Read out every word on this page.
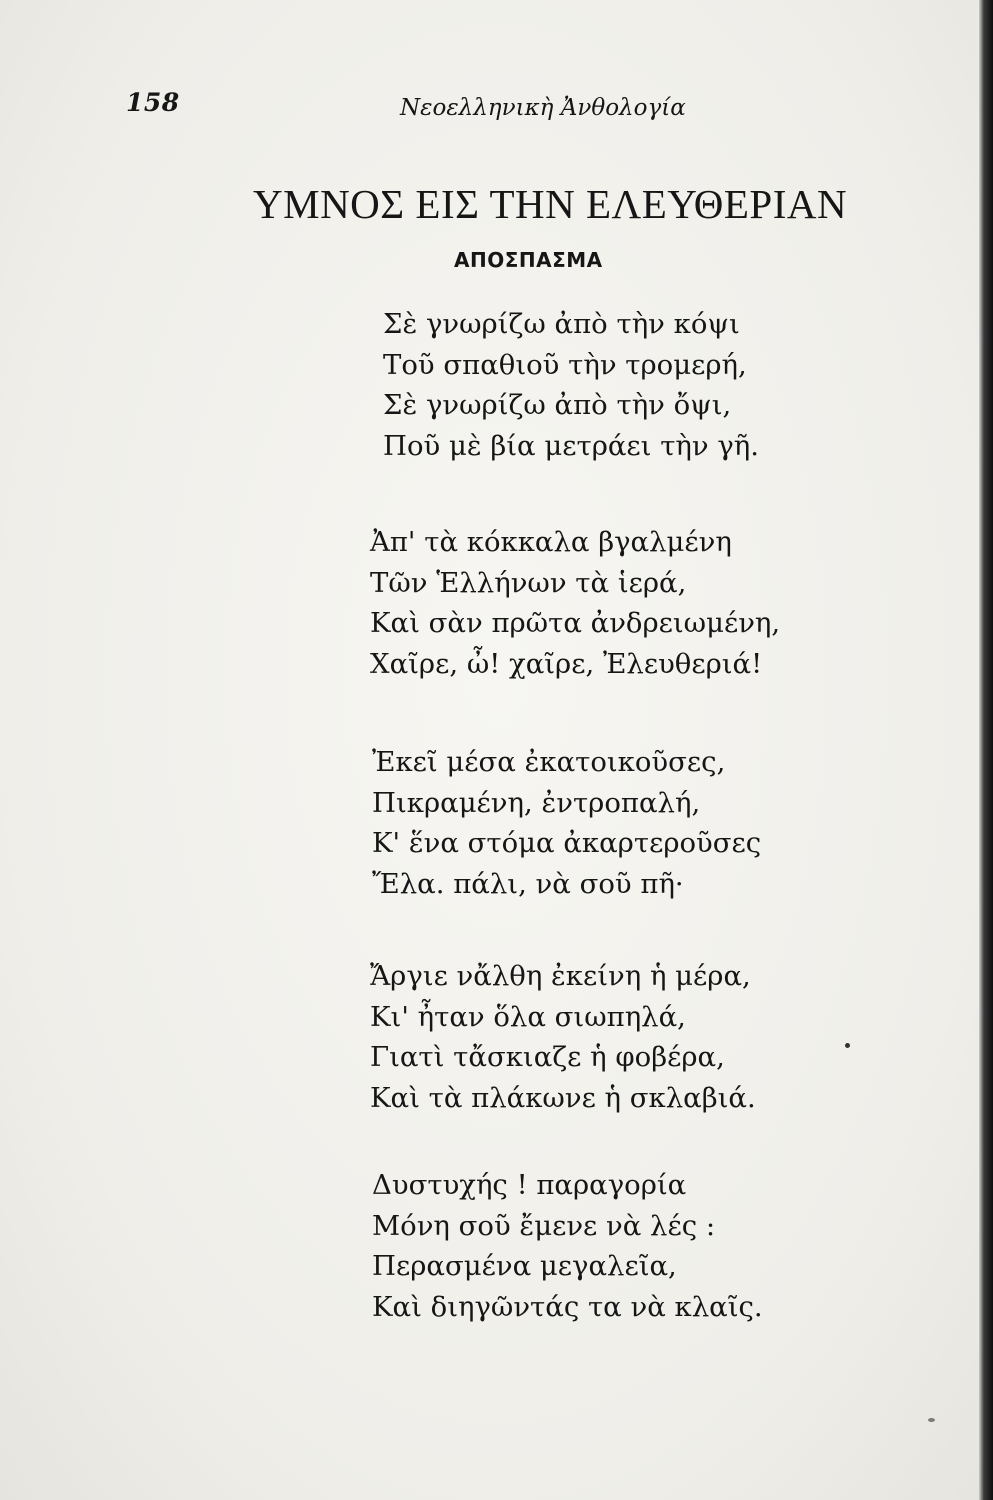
158	Νεοελληνικὴ Ἀνθολογία
ΥΜΝΟΣ ΕΙΣ ΤΗΝ ΕΛΕΥΘΕΡΙΑΝ
ΑΠΟΣΠΑΣΜΑ
Σὲ γνωρίζω ἀπὸ τὴν κόψι
Τοῦ σπαθιοῦ τὴν τρομερή,
Σὲ γνωρίζω ἀπὸ τὴν ὄψι,
Ποῦ μὲ βία μετράει τὴν γῆ.
Ἀπ' τὰ κόκκαλα βγαλμένη
Τῶν Ἑλλήνων τὰ ἱερά,
Καὶ σὰν πρῶτα ἀνδρειωμένη,
Χαῖρε, ὦ! χαῖρε, Ἐλευθεριά!
Ἐκεῖ μέσα ἐκατοικοῦσες,
Πικραμένη, ἐντροπαλή,
Κ' ἕνα στόμα ἀκαρτεροῦσες
Ἔλα. πάλι, νὰ σοῦ πῆ·
Ἄργιε νἄλθη ἐκείνη ἡ μέρα,
Κι' ἦταν ὅλα σιωπηλά,
Γιατὶ τἄσκιαζε ἡ φοβέρα,
Καὶ τὰ πλάκωνε ἡ σκλαβιά.
Δυστυχής ! παραγορία
Μόνη σοῦ ἔμενε νὰ λές :
Περασμένα μεγαλεῖα,
Καὶ διηγῶντάς τα νὰ κλαῖς.
